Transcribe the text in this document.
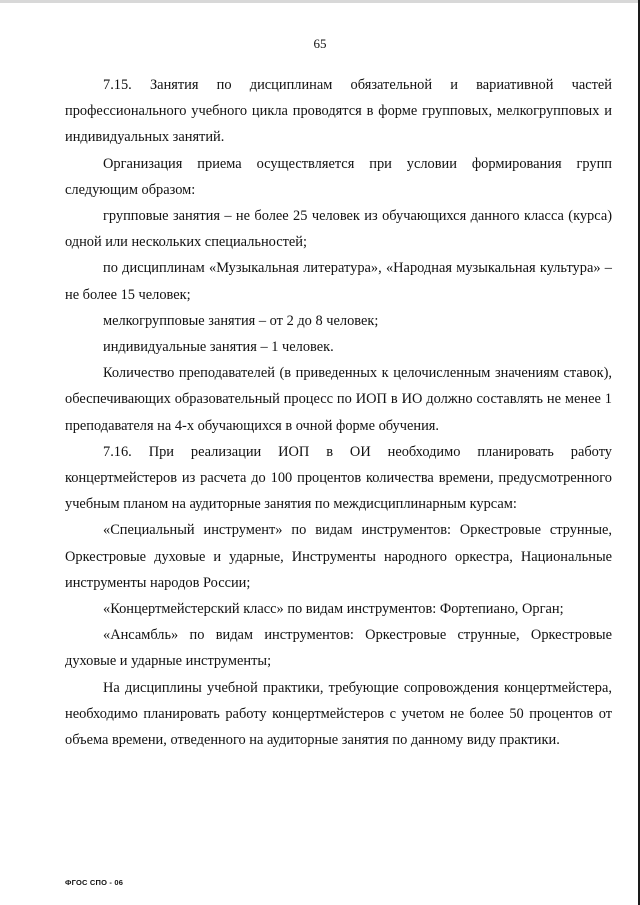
65

7.15. Занятия по дисциплинам обязательной и вариативной частей профессионального учебного цикла проводятся в форме групповых, мелкогрупповых и индивидуальных занятий.

Организация приема осуществляется при условии формирования групп следующим образом:

групповые занятия – не более 25 человек из обучающихся данного класса (курса) одной или нескольких специальностей;

по дисциплинам «Музыкальная литература», «Народная музыкальная культура» – не более 15 человек;

мелкогрупповые занятия – от 2 до 8 человек;

индивидуальные занятия – 1 человек.

Количество преподавателей (в приведенных к целочисленным значениям ставок), обеспечивающих образовательный процесс по ИОП в ИО должно составлять не менее 1 преподавателя на 4-х обучающихся в очной форме обучения.

7.16. При реализации ИОП в ОИ необходимо планировать работу концертмейстеров из расчета до 100 процентов количества времени, предусмотренного учебным планом на аудиторные занятия по междисциплинарным курсам:

«Специальный инструмент» по видам инструментов: Оркестровые струнные, Оркестровые духовые и ударные, Инструменты народного оркестра, Национальные инструменты народов России;

«Концертмейстерский класс» по видам инструментов: Фортепиано, Орган;

«Ансамбль» по видам инструментов: Оркестровые струнные, Оркестровые духовые и ударные инструменты;

На дисциплины учебной практики, требующие сопровождения концертмейстера, необходимо планировать работу концертмейстеров с учетом не более 50 процентов от объема времени, отведенного на аудиторные занятия по данному виду практики.

ФГОС СПО - 06
